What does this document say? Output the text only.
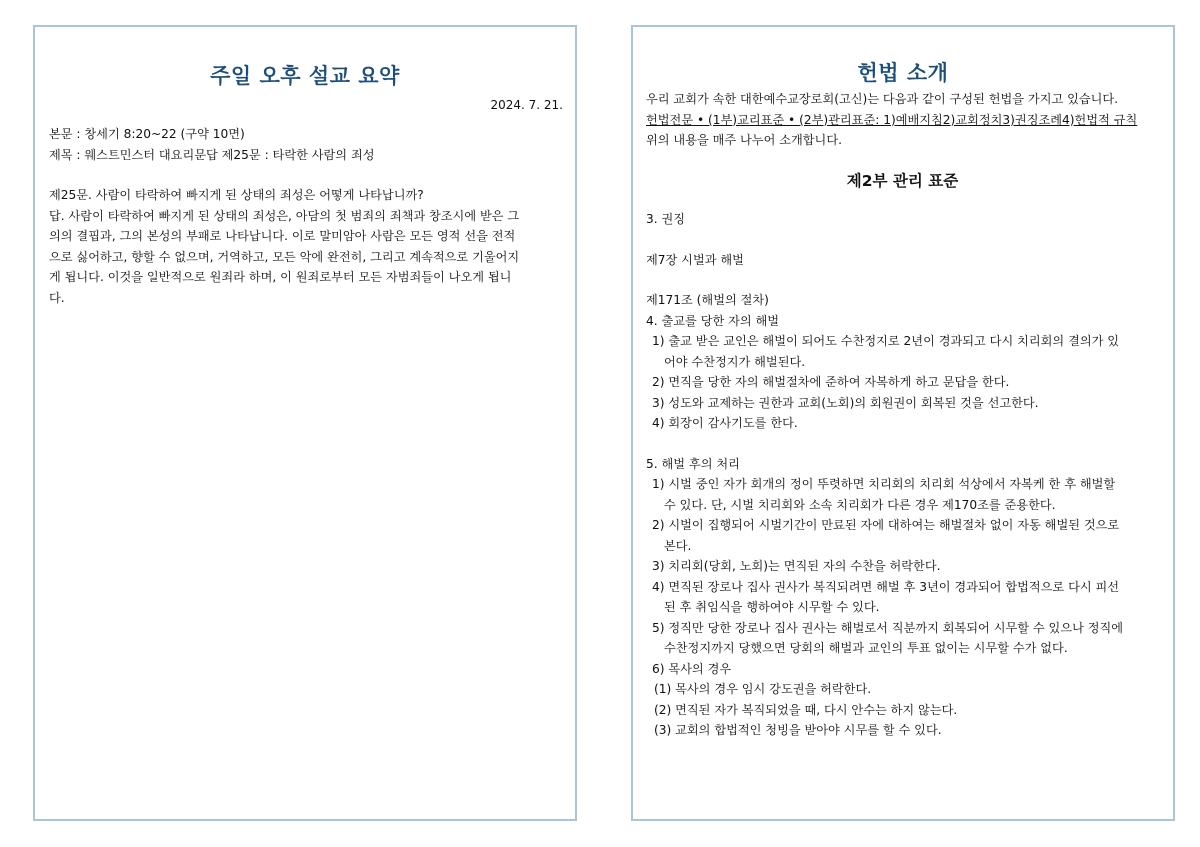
주일 오후 설교 요약
2024. 7. 21.

본문 : 창세기 8:20~22 (구약 10면)

제목 : 웨스트민스터 대요리문답 제25문 : 타락한 사람의 죄성

제25문. 사람이 타락하여 빠지게 된 상태의 죄성은 어떻게 나타납니까?

답. 사람이 타락하여 빠지게 된 상태의 죄성은, 아담의 첫 범죄의 죄책과 창조시에 받은 그

의의 결핍과, 그의 본성의 부패로 나타납니다. 이로 말미암아 사람은 모든 영적 선을 전적

으로 싫어하고, 향할 수 없으며, 거역하고, 모든 악에 완전히, 그리고 계속적으로 기울어지

게 됩니다. 이것을 일반적으로 원죄라 하며, 이 원죄로부터 모든 자범죄들이 나오게 됩니

다.

헌법 소개

우리 교회가 속한 대한예수교장로회(고신)는 다음과 같이 구성된 헌법을 가지고 있습니다.

헌법전문 • (1부)교리표준 • (2부)관리표준: 1)예배지침2)교회정치3)권징조례4)헌법적 규칙

위의 내용을 매주 나누어 소개합니다.

제2부 관리 표준

3. 권징

제7장 시벌과 해벌

제171조 (해벌의 절차)

4. 출교를 당한 자의 해벌

1) 출교 받은 교인은 해벌이 되어도 수찬정지로 2년이 경과되고 다시 치리회의 결의가 있
어야 수찬정지가 해벌된다.
2) 면직을 당한 자의 해벌절차에 준하여 자복하게 하고 문답을 한다.
3) 성도와 교제하는 권한과 교회(노회)의 회원권이 회복된 것을 선고한다.
4) 회장이 감사기도를 한다.

5. 해벌 후의 처리

1) 시벌 중인 자가 회개의 정이 뚜렷하면 치리회의 치리회 석상에서 자복케 한 후 해벌할
수 있다. 단, 시벌 치리회와 소속 치리회가 다른 경우 제170조를 준용한다.
2) 시벌이 집행되어 시벌기간이 만료된 자에 대하여는 해벌절차 없이 자동 해벌된 것으로
본다.
3) 치리회(당회, 노회)는 면직된 자의 수찬을 허락한다.
4) 면직된 장로나 집사 권사가 복직되려면 해벌 후 3년이 경과되어 합법적으로 다시 피선
된 후 취임식을 행하여야 시무할 수 있다.
5) 정직만 당한 장로나 집사 권사는 해벌로서 직분까지 회복되어 시무할 수 있으나 정직에
수찬정지까지 당했으면 당회의 해벌과 교인의 투표 없이는 시무할 수가 없다.
6) 목사의 경우
(1) 목사의 경우 임시 강도권을 허락한다.
(2) 면직된 자가 복직되었을 때, 다시 안수는 하지 않는다.
(3) 교회의 합법적인 청빙을 받아야 시무를 할 수 있다.
